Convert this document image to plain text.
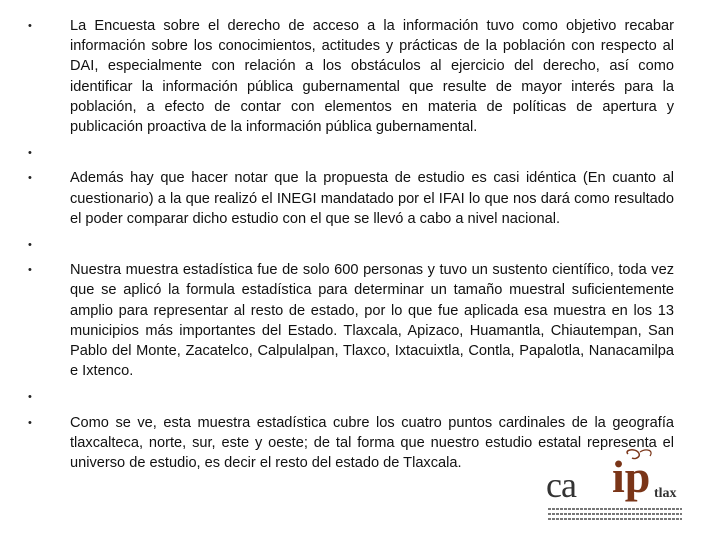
•	La Encuesta sobre el derecho de acceso a la información tuvo como objetivo recabar información sobre los conocimientos, actitudes y prácticas de la población con respecto al DAI, especialmente con relación a los obstáculos al ejercicio del derecho, así como identificar la información pública gubernamental que resulte de mayor interés para la población, a efecto de contar con elementos en materia de políticas de apertura y publicación proactiva de la información pública gubernamental.
•
•	Además hay que hacer notar que la propuesta de estudio es casi idéntica (En cuanto al cuestionario) a la que realizó el INEGI mandatado por el IFAI lo que nos dará como resultado el poder comparar dicho estudio con el que se llevó a cabo a nivel nacional.
•
•	Nuestra muestra estadística fue de solo 600 personas y tuvo un sustento científico, toda vez que se aplicó la formula estadística para determinar un tamaño muestral suficientemente amplio para representar al resto de estado, por lo que fue aplicada esa muestra en los 13 municipios más importantes del Estado. Tlaxcala, Apizaco, Huamantla, Chiautempan, San Pablo del Monte, Zacatelco, Calpulalpan, Tlaxco, Ixtacuixtla, Contla, Papalotla, Nanacamilpa e Ixtenco.
•
•	Como se ve, esta muestra estadística cubre los cuatro puntos cardinales de la geografía tlaxcalteca, norte, sur, este y oeste; de tal forma que nuestro estudio estatal representa el universo de estudio, es decir el resto del estado de Tlaxcala.
ca ip tlax
